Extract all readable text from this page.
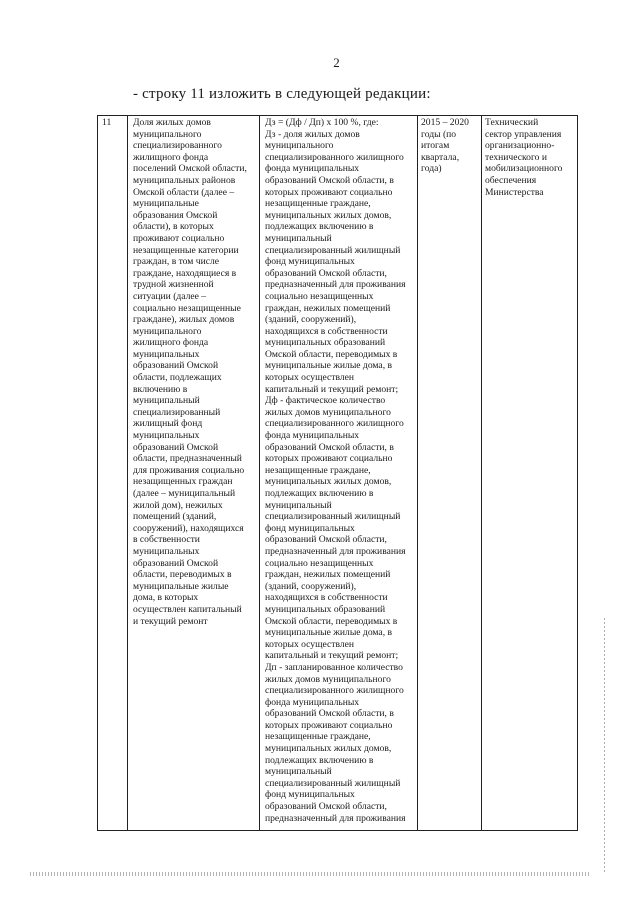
2
- строку 11 изложить в следующей редакции:
11	Доля жилых домов
муниципального
специализированного
жилищного фонда
поселений Омской области,
муниципальных районов
Омской области (далее –
муниципальные
образования Омской
области), в которых
проживают социально
незащищенные категории
граждан, в том числе
граждане, находящиеся в
трудной жизненной
ситуации (далее –
социально незащищенные
граждане), жилых домов
муниципального
жилищного фонда
муниципальных
образований Омской
области, подлежащих
включению в
муниципальный
специализированный
жилищный фонд
муниципальных
образований Омской
области, предназначенный
для проживания социально
незащищенных граждан
(далее – муниципальный
жилой дом), нежилых
помещений (зданий,
сооружений), находящихся
в собственности
муниципальных
образований Омской
области, переводимых в
муниципальные жилые
дома, в которых
осуществлен капитальный
и текущий ремонт	Дз = (Дф / Дп) х 100 %, где:
Дз - доля жилых домов
муниципального
специализированного жилищного
фонда муниципальных
образований Омской области, в
которых проживают социально
незащищенные граждане,
муниципальных жилых домов,
подлежащих включению в
муниципальный
специализированный жилищный
фонд муниципальных
образований Омской области,
предназначенный для проживания
социально незащищенных
граждан, нежилых помещений
(зданий, сооружений),
находящихся в собственности
муниципальных образований
Омской области, переводимых в
муниципальные жилые дома, в
которых осуществлен
капитальный и текущий ремонт;
Дф - фактическое количество
жилых домов муниципального
специализированного жилищного
фонда муниципальных
образований Омской области, в
которых проживают социально
незащищенные граждане,
муниципальных жилых домов,
подлежащих включению в
муниципальный
специализированный жилищный
фонд муниципальных
образований Омской области,
предназначенный для проживания
социально незащищенных
граждан, нежилых помещений
(зданий, сооружений),
находящихся в собственности
муниципальных образований
Омской области, переводимых в
муниципальные жилые дома, в
которых осуществлен
капитальный и текущий ремонт;
Дп - запланированное количество
жилых домов муниципального
специализированного жилищного
фонда муниципальных
образований Омской области, в
которых проживают социально
незащищенные граждане,
муниципальных жилых домов,
подлежащих включению в
муниципальный
специализированный жилищный
фонд муниципальных
образований Омской области,
предназначенный для проживания	2015 – 2020
годы (по
итогам
квартала,
года)	Технический
сектор управления
организационно-
технического и
мобилизационного
обеспечения
Министерства
